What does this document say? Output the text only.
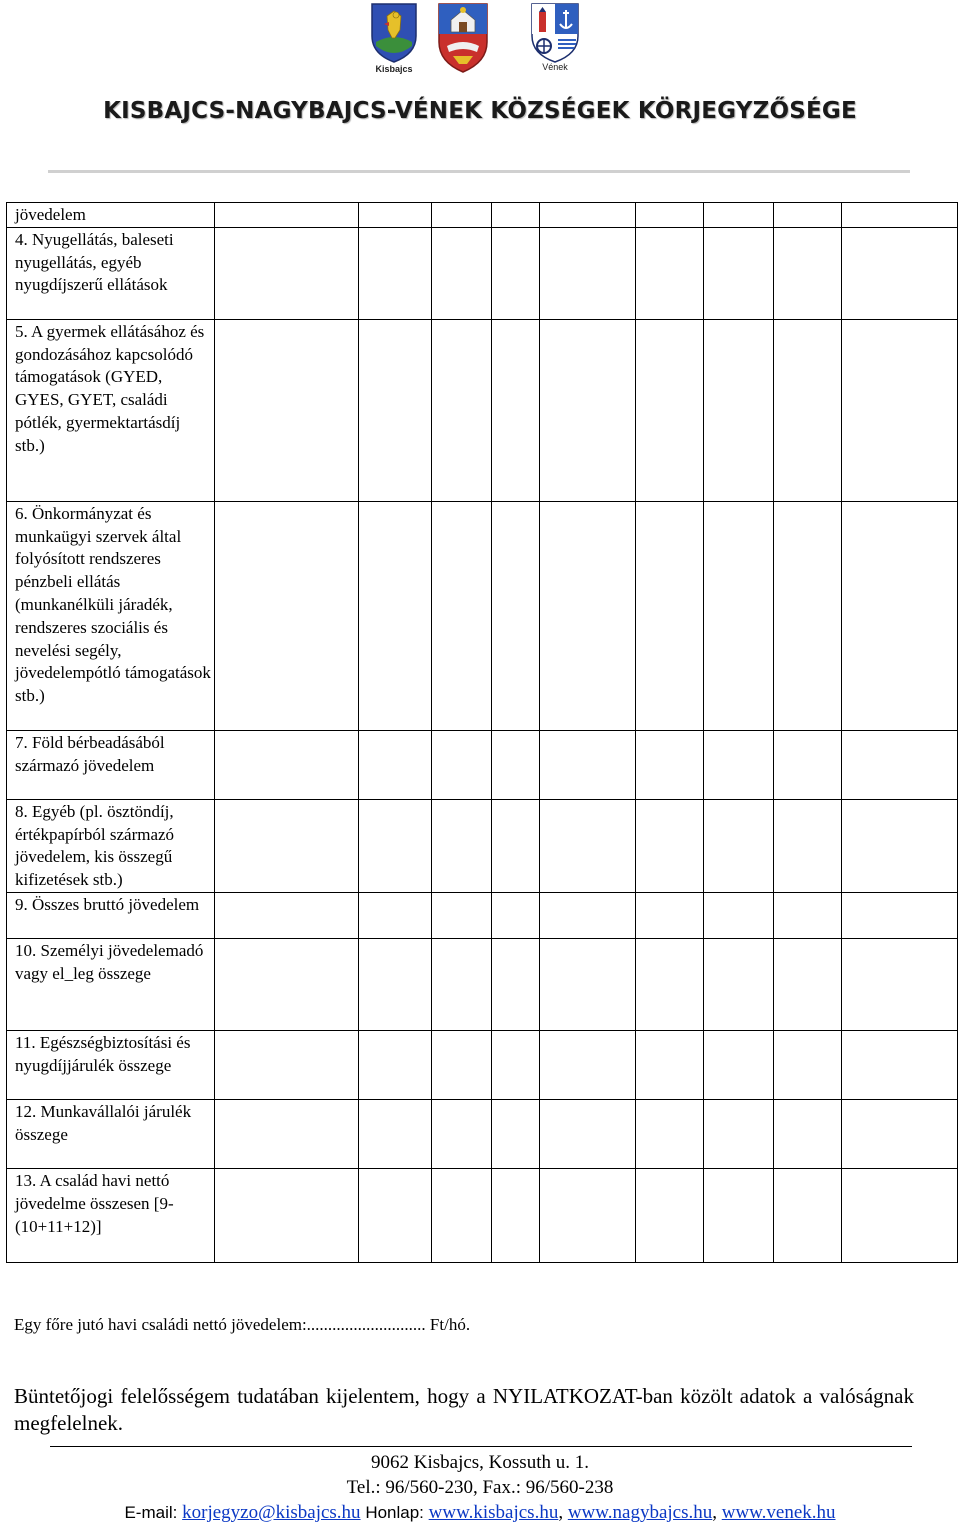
Kisbajcs	Vének
KISBAJCS-NAGYBAJCS-VÉNEK KÖZSÉGEK KÖRJEGYZŐSÉGE
jövedelem									
4. Nyugellátás, baleseti nyugellátás, egyéb nyugdíjszerű ellátások									
5. A gyermek ellátásához és gondozásához kapcsolódó támogatások (GYED, GYES, GYET, családi pótlék, gyermektartásdíj stb.)									
6. Önkormányzat és munkaügyi szervek által folyósított rendszeres pénzbeli ellátás (munkanélküli járadék, rendszeres szociális és nevelési segély, jövedelempótló támogatások stb.)									
7. Föld bérbeadásából származó jövedelem									
8. Egyéb (pl. ösztöndíj, értékpapírból származó jövedelem, kis összegű kifizetések stb.)									
9. Összes bruttó jövedelem									
10. Személyi jövedelemadó vagy el_leg összege									
11. Egészségbiztosítási és nyugdíjjárulék összege									
12. Munkavállalói járulék összege									
13. A család havi nettó jövedelme összesen [9-(10+11+12)]									
Egy főre jutó havi családi nettó jövedelem:............................ Ft/hó.
Büntetőjogi felelősségem tudatában kijelentem, hogy a NYILATKOZAT-ban közölt adatok a valóságnak megfelelnek.
9062 Kisbajcs, Kossuth u. 1.
Tel.: 96/560-230, Fax.: 96/560-238
E-mail: korjegyzo@kisbajcs.hu Honlap: www.kisbajcs.hu, www.nagybajcs.hu, www.venek.hu
